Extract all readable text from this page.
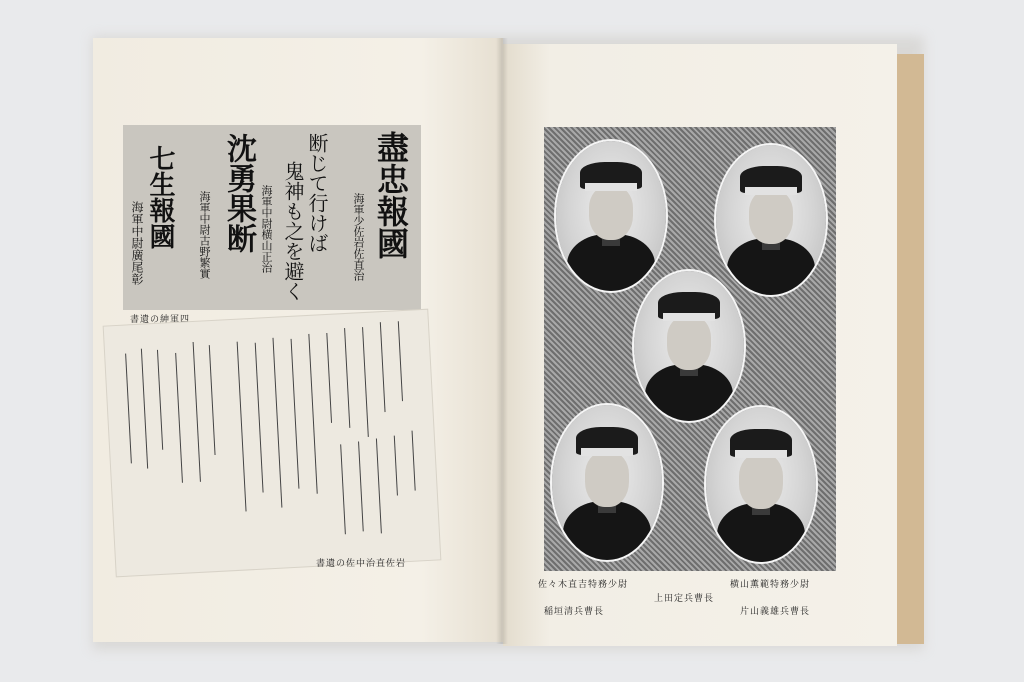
七生報國
海軍中尉廣尾彰	沈勇果断
海軍中尉古野繁實	断じて行けば
鬼神も之を避く
海軍中尉横山正治	盡忠報國
海軍少佐岩佐直治
書遺の紳軍四
書遺の佐中治直佐岩
佐々木直吉特務少尉	横山薫範特務少尉
上田定兵曹長
稲垣清兵曹長	片山義雄兵曹長
